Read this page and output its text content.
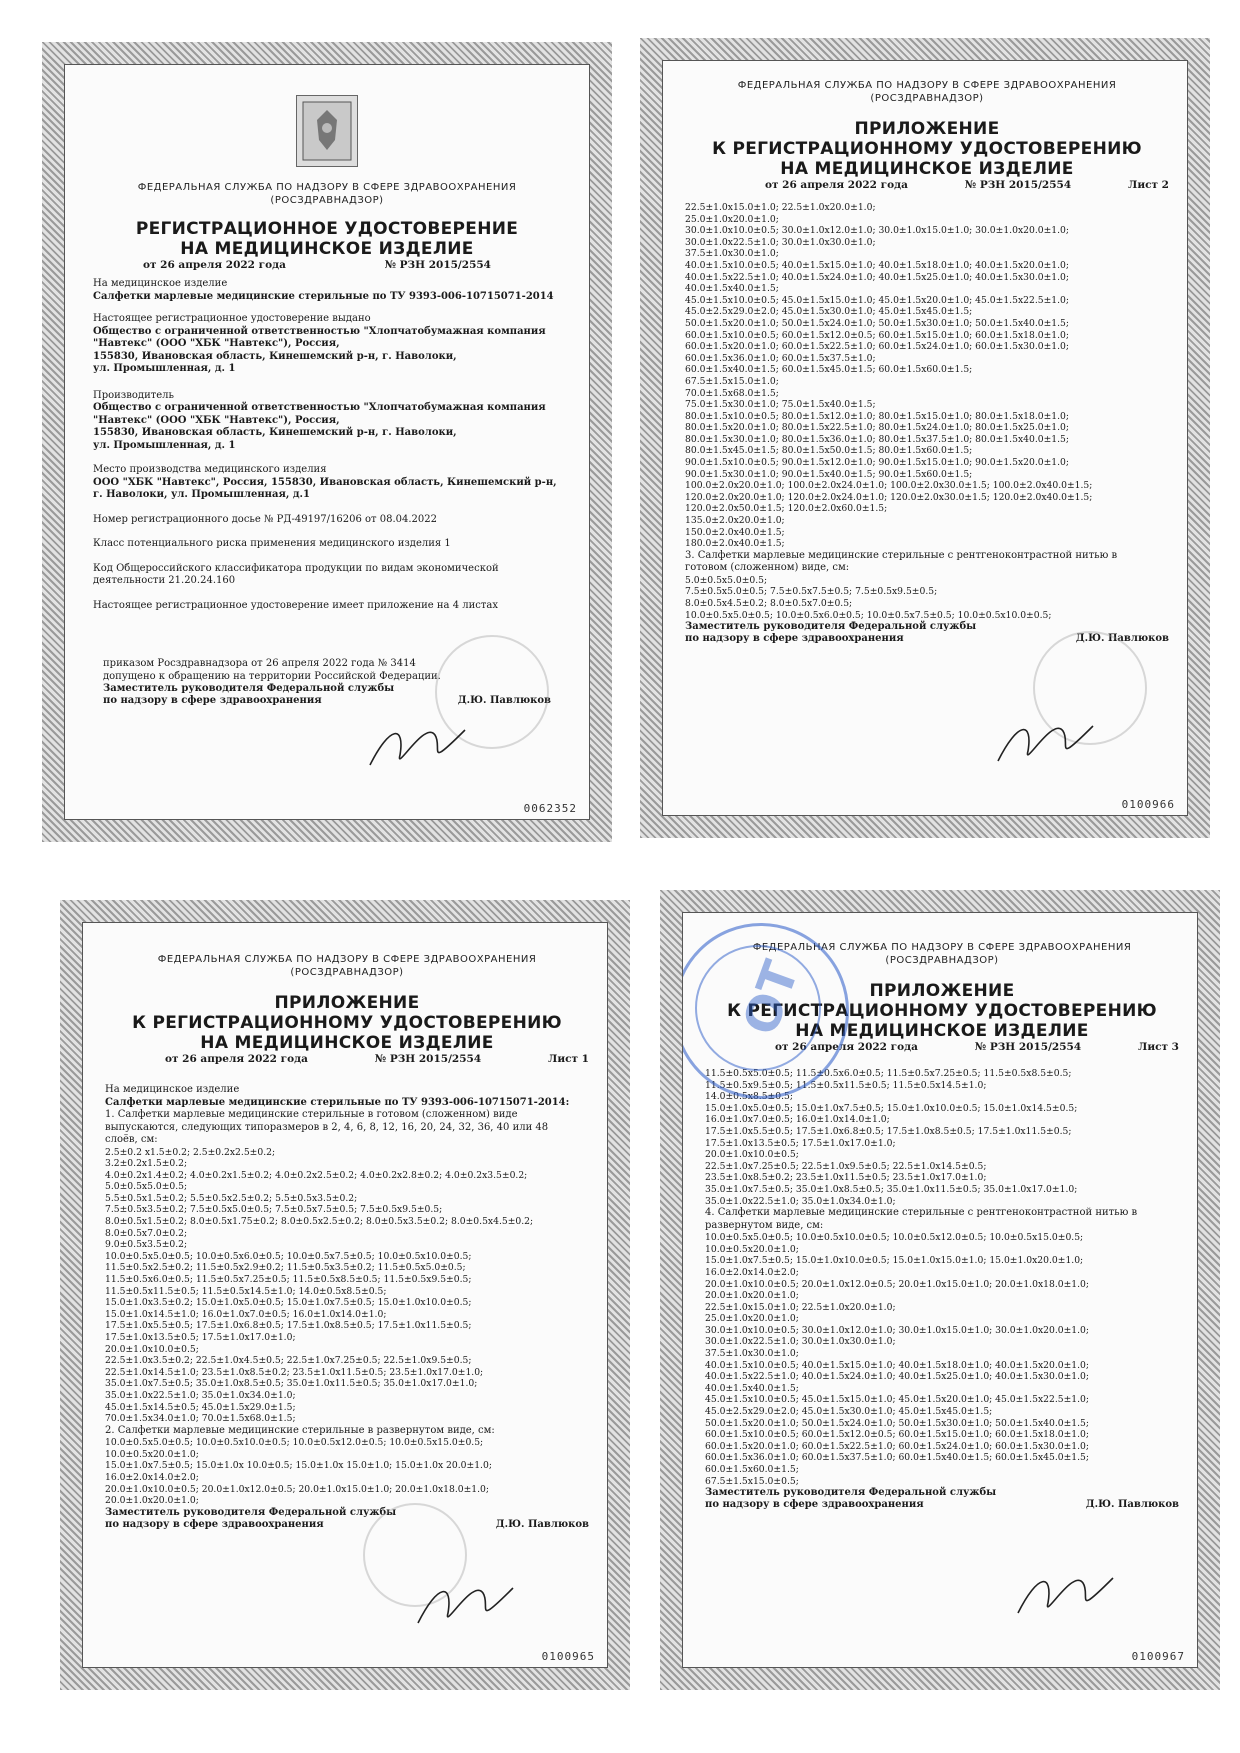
ФЕДЕРАЛЬНАЯ СЛУЖБА ПО НАДЗОРУ В СФЕРЕ ЗДРАВООХРАНЕНИЯ
(РОСЗДРАВНАДЗОР)
РЕГИСТРАЦИОННОЕ УДОСТОВЕРЕНИЕ
НА МЕДИЦИНСКОЕ ИЗДЕЛИЕ
от 26 апреля 2022 года	№ РЗН 2015/2554
На медицинское изделие
Салфетки марлевые медицинские стерильные по ТУ 9393-006-10715071-2014
Настоящее регистрационное удостоверение выдано
Общество с ограниченной ответственностью "Хлопчатобумажная компания
"Навтекс" (ООО "ХБК "Навтекс"), Россия,
155830, Ивановская область, Кинешемский р-н, г. Наволоки,
ул. Промышленная, д. 1
Производитель
Общество с ограниченной ответственностью "Хлопчатобумажная компания
"Навтекс" (ООО "ХБК "Навтекс"), Россия,
155830, Ивановская область, Кинешемский р-н, г. Наволоки,
ул. Промышленная, д. 1
Место производства медицинского изделия
ООО "ХБК "Навтекс", Россия, 155830, Ивановская область, Кинешемский р-н,
г. Наволоки, ул. Промышленная, д.1
Номер регистрационного досье № РД-49197/16206 от 08.04.2022
Класс потенциального риска применения медицинского изделия 1
Код Общероссийского классификатора продукции по видам экономической
деятельности 21.20.24.160
Настоящее регистрационное удостоверение имеет приложение на 4 листах
приказом Росздравнадзора от 26 апреля 2022 года № 3414
допущено к обращению на территории Российской Федерации.
Заместитель руководителя Федеральной службы
по надзору в сфере здравоохранения	Д.Ю. Павлюков
0062352
ФЕДЕРАЛЬНАЯ СЛУЖБА ПО НАДЗОРУ В СФЕРЕ ЗДРАВООХРАНЕНИЯ
(РОСЗДРАВНАДЗОР)
ПРИЛОЖЕНИЕ
К РЕГИСТРАЦИОННОМУ УДОСТОВЕРЕНИЮ
НА МЕДИЦИНСКОЕ ИЗДЕЛИЕ
от 26 апреля 2022 года	№ РЗН 2015/2554	Лист 2
22.5±1.0x15.0±1.0; 22.5±1.0x20.0±1.0;
25.0±1.0x20.0±1.0;
30.0±1.0x10.0±0.5; 30.0±1.0x12.0±1.0; 30.0±1.0x15.0±1.0; 30.0±1.0x20.0±1.0;
30.0±1.0x22.5±1.0; 30.0±1.0x30.0±1.0;
37.5±1.0x30.0±1.0;
40.0±1.5x10.0±0.5; 40.0±1.5x15.0±1.0; 40.0±1.5x18.0±1.0; 40.0±1.5x20.0±1.0;
40.0±1.5x22.5±1.0; 40.0±1.5x24.0±1.0; 40.0±1.5x25.0±1.0; 40.0±1.5x30.0±1.0;
40.0±1.5x40.0±1.5;
45.0±1.5x10.0±0.5; 45.0±1.5x15.0±1.0; 45.0±1.5x20.0±1.0; 45.0±1.5x22.5±1.0;
45.0±2.5x29.0±2.0; 45.0±1.5x30.0±1.0; 45.0±1.5x45.0±1.5;
50.0±1.5x20.0±1.0; 50.0±1.5x24.0±1.0; 50.0±1.5x30.0±1.0; 50.0±1.5x40.0±1.5;
60.0±1.5x10.0±0.5; 60.0±1.5x12.0±0.5; 60.0±1.5x15.0±1.0; 60.0±1.5x18.0±1.0;
60.0±1.5x20.0±1.0; 60.0±1.5x22.5±1.0; 60.0±1.5x24.0±1.0; 60.0±1.5x30.0±1.0;
60.0±1.5x36.0±1.0; 60.0±1.5x37.5±1.0;
60.0±1.5x40.0±1.5; 60.0±1.5x45.0±1.5; 60.0±1.5x60.0±1.5;
67.5±1.5x15.0±1.0;
70.0±1.5x68.0±1.5;
75.0±1.5x30.0±1.0; 75.0±1.5x40.0±1.5;
80.0±1.5x10.0±0.5; 80.0±1.5x12.0±1.0; 80.0±1.5x15.0±1.0; 80.0±1.5x18.0±1.0;
80.0±1.5x20.0±1.0; 80.0±1.5x22.5±1.0; 80.0±1.5x24.0±1.0; 80.0±1.5x25.0±1.0;
80.0±1.5x30.0±1.0; 80.0±1.5x36.0±1.0; 80.0±1.5x37.5±1.0; 80.0±1.5x40.0±1.5;
80.0±1.5x45.0±1.5; 80.0±1.5x50.0±1.5; 80.0±1.5x60.0±1.5;
90.0±1.5x10.0±0.5; 90.0±1.5x12.0±1.0; 90.0±1.5x15.0±1.0; 90.0±1.5x20.0±1.0;
90.0±1.5x30.0±1.0; 90.0±1.5x40.0±1.5; 90.0±1.5x60.0±1.5;
100.0±2.0x20.0±1.0; 100.0±2.0x24.0±1.0; 100.0±2.0x30.0±1.5; 100.0±2.0x40.0±1.5;
120.0±2.0x20.0±1.0; 120.0±2.0x24.0±1.0; 120.0±2.0x30.0±1.5; 120.0±2.0x40.0±1.5;
120.0±2.0x50.0±1.5; 120.0±2.0x60.0±1.5;
135.0±2.0x20.0±1.0;
150.0±2.0x40.0±1.5;
180.0±2.0x40.0±1.5;
3. Салфетки марлевые медицинские стерильные с рентгеноконтрастной нитью в
готовом (сложенном) виде, см:
5.0±0.5x5.0±0.5;
7.5±0.5x5.0±0.5; 7.5±0.5x7.5±0.5; 7.5±0.5x9.5±0.5;
8.0±0.5x4.5±0.2; 8.0±0.5x7.0±0.5;
10.0±0.5x5.0±0.5; 10.0±0.5x6.0±0.5; 10.0±0.5x7.5±0.5; 10.0±0.5x10.0±0.5;
Заместитель руководителя Федеральной службы
по надзору в сфере здравоохранения	Д.Ю. Павлюков
0100966
ФЕДЕРАЛЬНАЯ СЛУЖБА ПО НАДЗОРУ В СФЕРЕ ЗДРАВООХРАНЕНИЯ
(РОСЗДРАВНАДЗОР)
ПРИЛОЖЕНИЕ
К РЕГИСТРАЦИОННОМУ УДОСТОВЕРЕНИЮ
НА МЕДИЦИНСКОЕ ИЗДЕЛИЕ
от 26 апреля 2022 года	№ РЗН 2015/2554	Лист 1
На медицинское изделие
Салфетки марлевые медицинские стерильные по ТУ 9393-006-10715071-2014:
1. Салфетки марлевые медицинские стерильные в готовом (сложенном) виде
выпускаются, следующих типоразмеров в 2, 4, 6, 8, 12, 16, 20, 24, 32, 36, 40 или 48
слоёв, см:
2.5±0.2 x1.5±0.2; 2.5±0.2x2.5±0.2;
3.2±0.2x1.5±0.2;
4.0±0.2x1.4±0.2; 4.0±0.2x1.5±0.2; 4.0±0.2x2.5±0.2; 4.0±0.2x2.8±0.2; 4.0±0.2x3.5±0.2;
5.0±0.5x5.0±0.5;
5.5±0.5x1.5±0.2; 5.5±0.5x2.5±0.2; 5.5±0.5x3.5±0.2;
7.5±0.5x3.5±0.2; 7.5±0.5x5.0±0.5; 7.5±0.5x7.5±0.5; 7.5±0.5x9.5±0.5;
8.0±0.5x1.5±0.2; 8.0±0.5x1.75±0.2; 8.0±0.5x2.5±0.2; 8.0±0.5x3.5±0.2; 8.0±0.5x4.5±0.2;
8.0±0.5x7.0±0.2;
9.0±0.5x3.5±0.2;
10.0±0.5x5.0±0.5; 10.0±0.5x6.0±0.5; 10.0±0.5x7.5±0.5; 10.0±0.5x10.0±0.5;
11.5±0.5x2.5±0.2; 11.5±0.5x2.9±0.2; 11.5±0.5x3.5±0.2; 11.5±0.5x5.0±0.5;
11.5±0.5x6.0±0.5; 11.5±0.5x7.25±0.5; 11.5±0.5x8.5±0.5; 11.5±0.5x9.5±0.5;
11.5±0.5x11.5±0.5; 11.5±0.5x14.5±1.0; 14.0±0.5x8.5±0.5;
15.0±1.0x3.5±0.2; 15.0±1.0x5.0±0.5; 15.0±1.0x7.5±0.5; 15.0±1.0x10.0±0.5;
15.0±1.0x14.5±1.0; 16.0±1.0x7.0±0.5; 16.0±1.0x14.0±1.0;
17.5±1.0x5.5±0.5; 17.5±1.0x6.8±0.5; 17.5±1.0x8.5±0.5; 17.5±1.0x11.5±0.5;
17.5±1.0x13.5±0.5; 17.5±1.0x17.0±1.0;
20.0±1.0x10.0±0.5;
22.5±1.0x3.5±0.2; 22.5±1.0x4.5±0.5; 22.5±1.0x7.25±0.5; 22.5±1.0x9.5±0.5;
22.5±1.0x14.5±1.0; 23.5±1.0x8.5±0.2; 23.5±1.0x11.5±0.5; 23.5±1.0x17.0±1.0;
35.0±1.0x7.5±0.5; 35.0±1.0x8.5±0.5; 35.0±1.0x11.5±0.5; 35.0±1.0x17.0±1.0;
35.0±1.0x22.5±1.0; 35.0±1.0x34.0±1.0;
45.0±1.5x14.5±0.5; 45.0±1.5x29.0±1.5;
70.0±1.5x34.0±1.0; 70.0±1.5x68.0±1.5;
2. Салфетки марлевые медицинские стерильные в развернутом виде, см:
10.0±0.5x5.0±0.5; 10.0±0.5x10.0±0.5; 10.0±0.5x12.0±0.5; 10.0±0.5x15.0±0.5;
10.0±0.5x20.0±1.0;
15.0±1.0x7.5±0.5; 15.0±1.0x 10.0±0.5; 15.0±1.0x 15.0±1.0; 15.0±1.0x 20.0±1.0;
16.0±2.0x14.0±2.0;
20.0±1.0x10.0±0.5; 20.0±1.0x12.0±0.5; 20.0±1.0x15.0±1.0; 20.0±1.0x18.0±1.0;
20.0±1.0x20.0±1.0;
Заместитель руководителя Федеральной службы
по надзору в сфере здравоохранения	Д.Ю. Павлюков
0100965
ФЕДЕРАЛЬНАЯ СЛУЖБА ПО НАДЗОРУ В СФЕРЕ ЗДРАВООХРАНЕНИЯ
(РОСЗДРАВНАДЗОР)
ПРИЛОЖЕНИЕ
К РЕГИСТРАЦИОННОМУ УДОСТОВЕРЕНИЮ
НА МЕДИЦИНСКОЕ ИЗДЕЛИЕ
от 26 апреля 2022 года	№ РЗН 2015/2554	Лист 3
11.5±0.5x5.0±0.5; 11.5±0.5x6.0±0.5; 11.5±0.5x7.25±0.5; 11.5±0.5x8.5±0.5;
11.5±0.5x9.5±0.5; 11.5±0.5x11.5±0.5; 11.5±0.5x14.5±1.0;
14.0±0.5x8.5±0.5;
15.0±1.0x5.0±0.5; 15.0±1.0x7.5±0.5; 15.0±1.0x10.0±0.5; 15.0±1.0x14.5±0.5;
16.0±1.0x7.0±0.5; 16.0±1.0x14.0±1.0;
17.5±1.0x5.5±0.5; 17.5±1.0x6.8±0.5; 17.5±1.0x8.5±0.5; 17.5±1.0x11.5±0.5;
17.5±1.0x13.5±0.5; 17.5±1.0x17.0±1.0;
20.0±1.0x10.0±0.5;
22.5±1.0x7.25±0.5; 22.5±1.0x9.5±0.5; 22.5±1.0x14.5±0.5;
23.5±1.0x8.5±0.2; 23.5±1.0x11.5±0.5; 23.5±1.0x17.0±1.0;
35.0±1.0x7.5±0.5; 35.0±1.0x8.5±0.5; 35.0±1.0x11.5±0.5; 35.0±1.0x17.0±1.0;
35.0±1.0x22.5±1.0; 35.0±1.0x34.0±1.0;
4. Салфетки марлевые медицинские стерильные с рентгеноконтрастной нитью в
развернутом виде, см:
10.0±0.5x5.0±0.5; 10.0±0.5x10.0±0.5; 10.0±0.5x12.0±0.5; 10.0±0.5x15.0±0.5;
10.0±0.5x20.0±1.0;
15.0±1.0x7.5±0.5; 15.0±1.0x10.0±0.5; 15.0±1.0x15.0±1.0; 15.0±1.0x20.0±1.0;
16.0±2.0x14.0±2.0;
20.0±1.0x10.0±0.5; 20.0±1.0x12.0±0.5; 20.0±1.0x15.0±1.0; 20.0±1.0x18.0±1.0;
20.0±1.0x20.0±1.0;
22.5±1.0x15.0±1.0; 22.5±1.0x20.0±1.0;
25.0±1.0x20.0±1.0;
30.0±1.0x10.0±0.5; 30.0±1.0x12.0±1.0; 30.0±1.0x15.0±1.0; 30.0±1.0x20.0±1.0;
30.0±1.0x22.5±1.0; 30.0±1.0x30.0±1.0;
37.5±1.0x30.0±1.0;
40.0±1.5x10.0±0.5; 40.0±1.5x15.0±1.0; 40.0±1.5x18.0±1.0; 40.0±1.5x20.0±1.0;
40.0±1.5x22.5±1.0; 40.0±1.5x24.0±1.0; 40.0±1.5x25.0±1.0; 40.0±1.5x30.0±1.0;
40.0±1.5x40.0±1.5;
45.0±1.5x10.0±0.5; 45.0±1.5x15.0±1.0; 45.0±1.5x20.0±1.0; 45.0±1.5x22.5±1.0;
45.0±2.5x29.0±2.0; 45.0±1.5x30.0±1.0; 45.0±1.5x45.0±1.5;
50.0±1.5x20.0±1.0; 50.0±1.5x24.0±1.0; 50.0±1.5x30.0±1.0; 50.0±1.5x40.0±1.5;
60.0±1.5x10.0±0.5; 60.0±1.5x12.0±0.5; 60.0±1.5x15.0±1.0; 60.0±1.5x18.0±1.0;
60.0±1.5x20.0±1.0; 60.0±1.5x22.5±1.0; 60.0±1.5x24.0±1.0; 60.0±1.5x30.0±1.0;
60.0±1.5x36.0±1.0; 60.0±1.5x37.5±1.0; 60.0±1.5x40.0±1.5; 60.0±1.5x45.0±1.5;
60.0±1.5x60.0±1.5;
67.5±1.5x15.0±0.5;
Заместитель руководителя Федеральной службы
по надзору в сфере здравоохранения	Д.Ю. Павлюков
ОТ
0100967
